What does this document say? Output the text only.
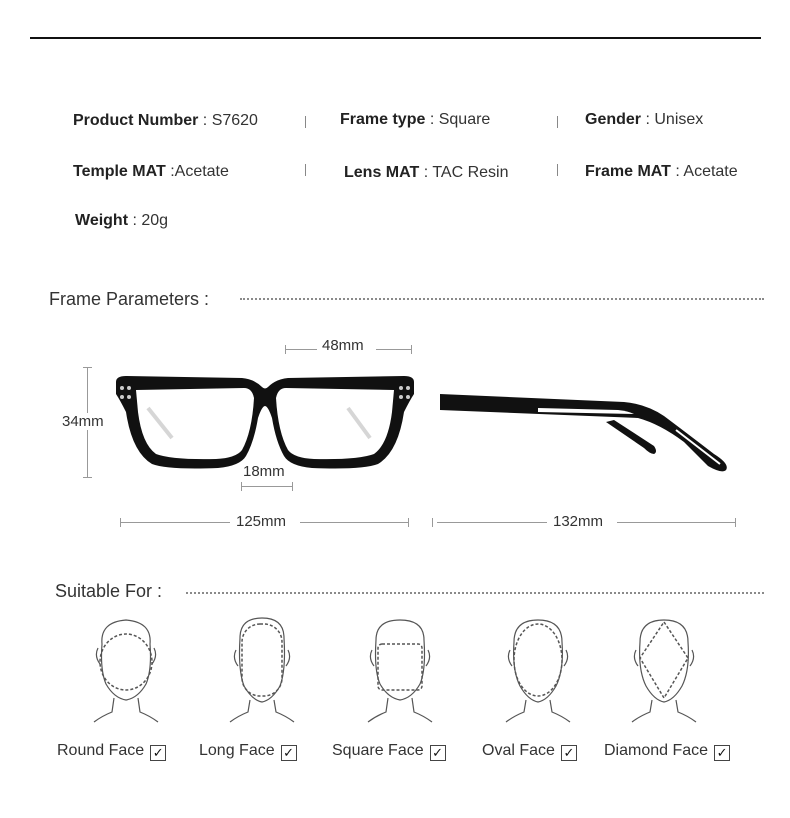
Product Number : S7620	Frame type : Square	Gender : Unisex
Temple MAT :Acetate	Lens MAT : TAC Resin	Frame MAT : Acetate
Weight : 20g
Frame Parameters :
48mm
34mm
18mm
125mm	132mm
Suitable For :
Round Face ✓ Long Face ✓ Square Face ✓ Oval Face ✓ Diamond Face ✓
